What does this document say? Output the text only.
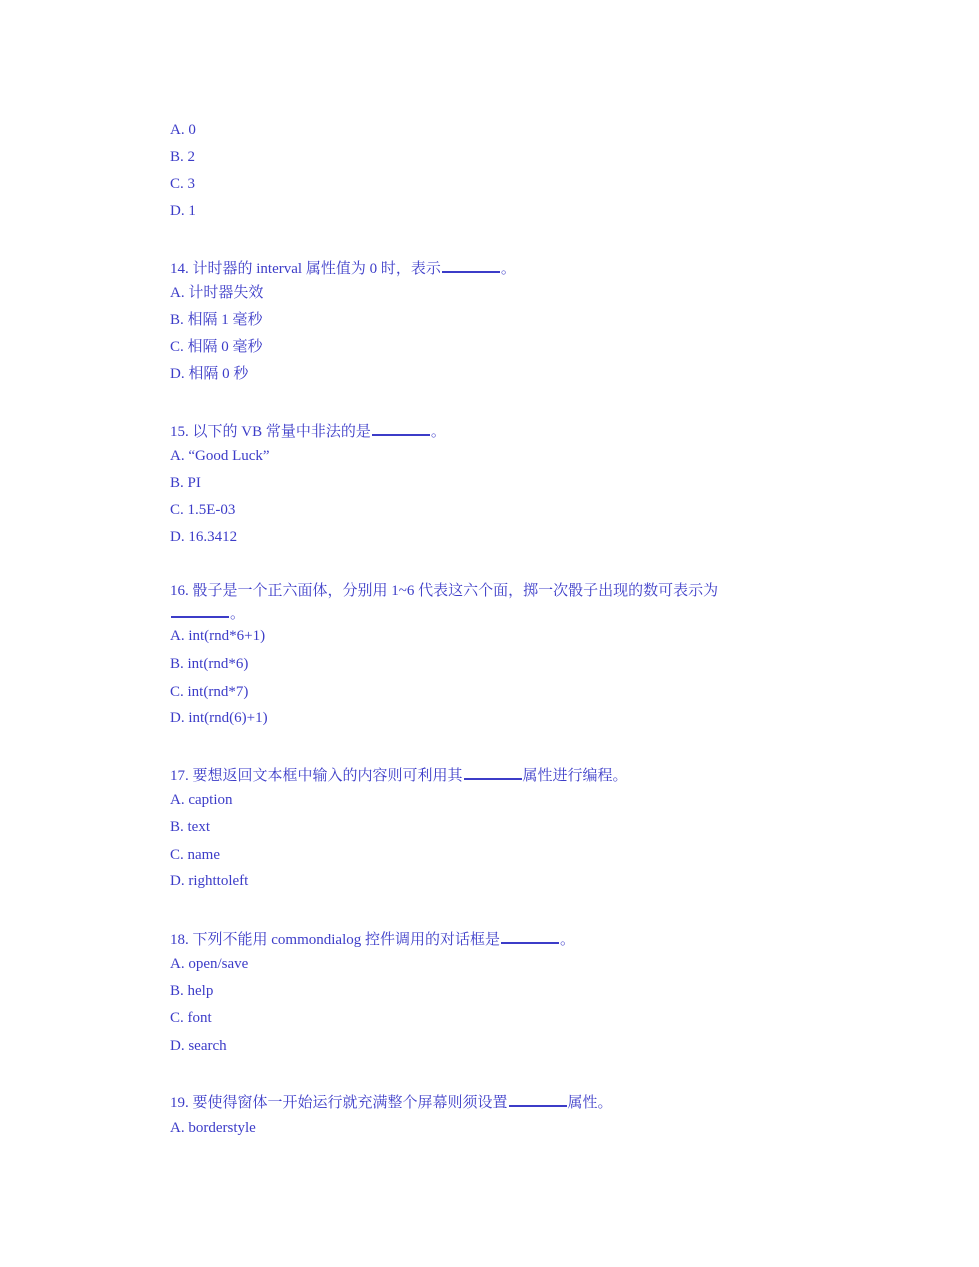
A. 0
B. 2
C. 3
D. 1
14. 计时器的 interval 属性值为 0 时，表示	。
A. 计时器失效
B. 相隔 1 毫秒
C. 相隔 0 毫秒
D. 相隔 0 秒
15. 以下的 VB 常量中非法的是	。
A. “Good Luck”
B. PI
C. 1.5E-03
D. 16.3412
16. 骰子是一个正六面体，分别用 1~6 代表这六个面，掷一次骰子出现的数可表示为
。
A. int(rnd*6+1)
B. int(rnd*6)
C. int(rnd*7)
D. int(rnd(6)+1)
17. 要想返回文本框中输入的内容则可利用其	属性进行编程。
A. caption
B. text
C. name
D. righttoleft
18. 下列不能用 commondialog 控件调用的对话框是	。
A. open/save
B. help
C. font
D. search
19. 要使得窗体一开始运行就充满整个屏幕则须设置	属性。
A. borderstyle
